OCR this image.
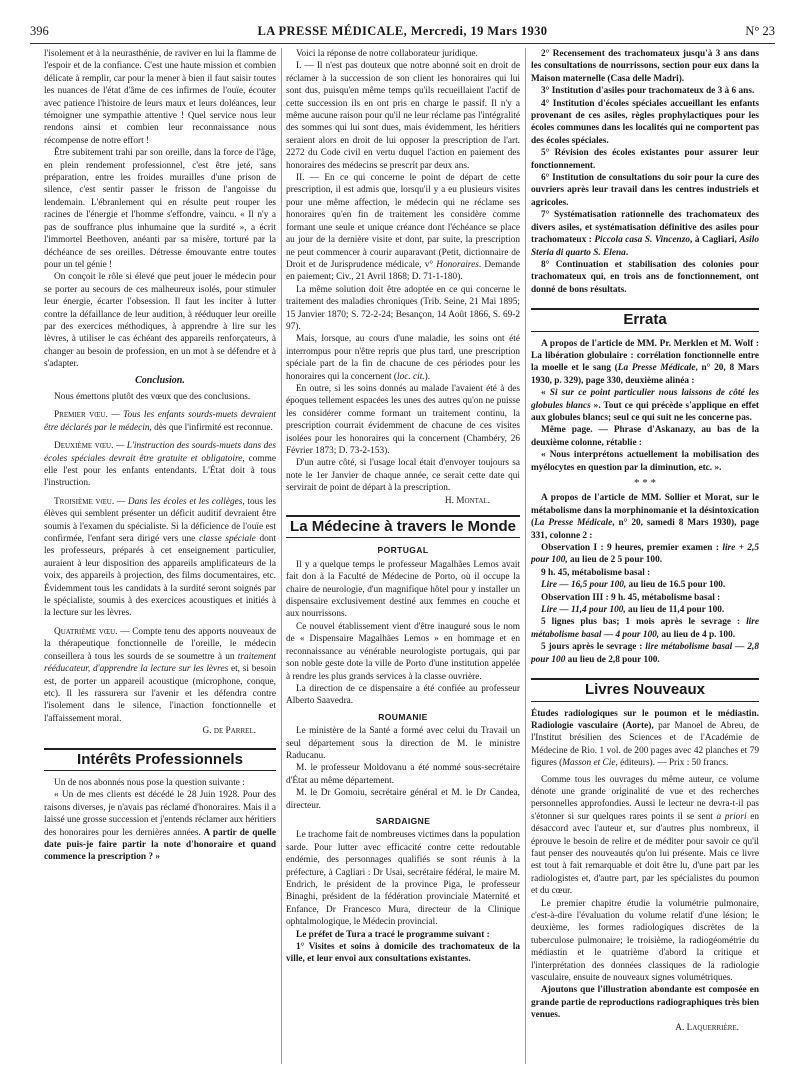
396	LA PRESSE MÉDICALE, Mercredi, 19 Mars 1930	N° 23

l'isolement et à la neurasthénie, de raviver en lui la flamme de l'espoir et de la confiance. C'est une haute mission et combien délicate à remplir, car pour la mener à bien il faut saisir toutes les nuances de l'état d'âme de ces infirmes de l'ouïe, écouter avec patience l'histoire de leurs maux et leurs doléances, leur témoigner une sympathie attentive ! Quel service nous leur rendons ainsi et combien leur reconnaissance nous récompense de notre effort !

Être subitement trahi par son oreille, dans la force de l'âge, en plein rendement professionnel, c'est être jeté, sans préparation, entre les froides murailles d'une prison de silence, c'est sentir passer le frisson de l'angoisse du lendemain. L'ébranlement qui en résulte peut rouper les racines de l'énergie et l'homme s'effondre, vaincu. « Il n'y a pas de souffrance plus inhumaine que la surdité », a écrit l'immortel Beethoven, anéanti par sa misère, torturé par la déchéance de ses oreilles. Détresse émouvante entre toutes pour un tel génie !

On conçoit le rôle si élevé que peut jouer le médecin pour se porter au secours de ces malheureux isolés, pour stimuler leur énergie, écarter l'obsession. Il faut les inciter à lutter contre la défaillance de leur audition, à rééduquer leur oreille par des exercices méthodiques, à apprendre à lire sur les lèvres, à utiliser le cas échéant des appareils renforçateurs, à changer au besoin de profession, en un mot à se défendre et à s'adapter.

Conclusion.

Nous émettons plutôt des vœux que des conclusions.

Premier vœu. — Tous les enfants sourds-muets devraient être déclarés par le médecin, dès que l'infirmité est reconnue.

Deuxième vœu. — L'instruction des sourds-muets dans des écoles spéciales devrait être gratuite et obligatoire, comme elle l'est pour les enfants entendants. L'État doit à tous l'instruction.

Troisième vœu. — Dans les écoles et les collèges, tous les élèves qui semblent présenter un déficit auditif devraient être soumis à l'examen du spécialiste. Si la déficience de l'ouïe est confirmée, l'enfant sera dirigé vers une classe spéciale dont les professeurs, préparés à cet enseignement particulier, auraient à leur disposition des appareils amplificateurs de la voix, des appareils à projection, des films documentaires, etc. Évidemment tous les candidats à la surdité seront soignés par le spécialiste, soumis à des exercices acoustiques et initiés à la lecture sur les lèvres.

Quatrième vœu. — Compte tenu des apports nouveaux de la thérapeutique fonctionnelle de l'oreille, le médecin conseillera à tous les sourds de se soumettre à un traitement rééducateur, d'apprendre la lecture sur les lèvres et, si besoin est, de porter un appareil acoustique (microphone, conque, etc). Il les rassurera sur l'avenir et les défendra contre l'isolement dans le silence, l'inaction fonctionnelle et l'affaissement moral.

G. de Parrel.

Intérêts Professionnels

Un de nos abonnés nous pose la question suivante :

« Un de mes clients est décédé le 28 Juin 1928. Pour des raisons diverses, je n'avais pas réclamé d'honoraires. Mais il a laissé une grosse succession et j'entends réclamer aux héritiers des honoraires pour les dernières années. A partir de quelle date puis-je faire partir la note d'honoraire et quand commence la prescription ? »

Voici la réponse de notre collaborateur juridique.

I. — Il n'est pas douteux que notre abonné soit en droit de réclamer à la succession de son client les honoraires qui lui sont dus, puisqu'en même temps qu'ils recueillaient l'actif de cette succession ils en ont pris en charge le passif. Il n'y a même aucune raison pour qu'il ne leur réclame pas l'intégralité des sommes qui lui sont dues, mais évidemment, les héritiers seraient alors en droit de lui opposer la prescription de l'art. 2272 du Code civil en vertu duquel l'action en paiement des honoraires des médecins se prescrit par deux ans.

II. — En ce qui concerne le point de départ de cette prescription, il est admis que, lorsqu'il y a eu plusieurs visites pour une même affection, le médecin qui ne réclame ses honoraires qu'en fin de traitement les considère comme formant une seule et unique créance dont l'échéance se place au jour de la dernière visite et dont, par suite, la prescription ne peut commencer à courir auparavant (Petit, dictionnaire de Droit et de Jurisprudence médicale, v° Honoraires. Demande en paiement; Civ., 21 Avril 1868; D. 71-1-180).

La même solution doit être adoptée en ce qui concerne le traitement des maladies chroniques (Trib. Seine, 21 Mai 1895; 15 Janvier 1870; S. 72-2-24; Besançon, 14 Août 1866, S. 69-2 97).

Mais, lorsque, au cours d'une maladie, les soins ont été interrompus pour n'être repris que plus tard, une prescription spéciale part de la fin de chacune de ces périodes pour les honoraires qui la concernent (loc. cit.).

En outre, si les soins donnés au malade l'avaient été à des époques tellement espacées les unes des autres qu'on ne puisse les considérer comme formant un traitement continu, la prescription courrait évidemment de chacune de ces visites isolées pour les honoraires qui la concernent (Chambéry, 26 Février 1873; D. 73-2-153).

D'un autre côté, si l'usage local était d'envoyer toujours sa note le 1er Janvier de chaque année, ce serait cette date qui servirait de point de départ à la prescription.

H. Montal.

La Médecine à travers le Monde
PORTUGAL

Il y a quelque temps le professeur Magalhães Lemos avait fait don à la Faculté de Médecine de Porto, où il occupe la chaire de neurologie, d'un magnifique hôtel pour y installer un dispensaire exclusivement destiné aux femmes en couche et aux nourrissons.

Ce nouvel établissement vient d'être inauguré sous le nom de « Dispensaire Magalhães Lemos » en hommage et en reconnaissance au vénérable neurologiste portugais, qui par son noble geste dote la ville de Porto d'une institution appelée à rendre les plus grands services à la classe ouvrière.

La direction de ce dispensaire a été confiée au professeur Alberto Saavedra.

ROUMANIE

Le ministère de la Santé a formé avec celui du Travail un seul département sous la direction de M. le ministre Raducanu.

M. le professeur Moldovanu a été nommé sous-secrétaire d'État au même département.

M. le Dr Gomoiu, secrétaire général et M. le Dr Candea, directeur.

SARDAIGNE

Le trachome fait de nombreuses victimes dans la population sarde. Pour lutter avec efficacité contre cette redoutable endémie, des personnages qualifiés se sont réunis à la préfecture, à Cagliari : Dr Usai, secrétaire fédéral, le maire M. Endrich, le président de la province Piga, le professeur Binaghi, président de la fédération provinciale Maternité et Enfance, Dr Francesco Mura, directeur de la Clinique ophtalmologique, le Médecin provincial.

Le préfet de Tura a tracé le programme suivant :

1° Visites et soins à domicile des trachomateux de la ville, et leur envoi aux consultations existantes.

2° Recensement des trachomateux jusqu'à 3 ans dans les consultations de nourrissons, section pour eux dans la Maison maternelle (Casa delle Madri).

3° Institution d'asiles pour trachomateux de 3 à 6 ans.

4° Institution d'écoles spéciales accueillant les enfants provenant de ces asiles, règles prophylactiques pour les écoles communes dans les localités qui ne comportent pas des écoles spéciales.

5° Révision des écoles existantes pour assurer leur fonctionnement.

6° Institution de consultations du soir pour la cure des ouvriers après leur travail dans les centres industriels et agricoles.

7° Systématisation rationnelle des trachomateux des divers asiles, et systématisation définitive des asiles pour trachomateux : Piccola casa S. Vincenzo, à Cagliari, Asilo Steria di quarto S. Elena.

8° Continuation et stabilisation des colonies pour trachomateux qui, en trois ans de fonctionnement, ont donné de bons résultats.

Errata

A propos de l'article de MM. Pr. Merklen et M. Wolf : La libération globulaire : corrélation fonctionnelle entre la moelle et le sang (La Presse Médicale, n° 20, 8 Mars 1930, p. 329), page 330, deuxième alinéa :

« Si sur ce point particulier nous laissons de côté les globules blancs ». Tout ce qui précède s'applique en effet aux globules blancs; seul ce qui suit ne les concerne pas.

Même page. — Phrase d'Askanazy, au bas de la deuxième colonne, rétablie :

« Nous interprétons actuellement la mobilisation des myélocytes en question par la diminution, etc. ».

* * *

A propos de l'article de MM. Sollier et Morat, sur le métabolisme dans la morphinomanie et la désintoxication (La Presse Médicale, n° 20, samedi 8 Mars 1930), page 331, colonne 2 :

Observation I : 9 heures, premier examen : lire + 2,5 pour 100, au lieu de 2 5 pour 100.

9 h. 45, métabolisme basal :

Lire — 16,5 pour 100, au lieu de 16.5 pour 100.

Observation III : 9 h. 45, métabolisme basal :

Lire — 11,4 pour 100, au lieu de 11,4 pour 100.

5 lignes plus bas; 1 mois après le sevrage : lire métabolisme basal — 4 pour 100, au lieu de 4 p. 100.

5 jours après le sevrage : lire métabolisme basal — 2,8 pour 100 au lieu de 2,8 pour 100.

Livres Nouveaux

Études radiologiques sur le poumon et le médiastin. Radiologie vasculaire (Aorte), par Manoel de Abreu, de l'Institut brésilien des Sciences et de l'Académie de Médecine de Rio. 1 vol. de 200 pages avec 42 planches et 79 figures (Masson et Cie, éditeurs). — Prix : 50 francs.

Comme tous les ouvrages du même auteur, ce volume dénote une grande originalité de vue et des recherches personnelles approfondies. Aussi le lecteur ne devra-t-il pas s'étonner si sur quelques rares points il se sent a priori en désaccord avec l'auteur et, sur d'autres plus nombreux, il éprouve le besoin de relire et de méditer pour savoir ce qu'il faut penser des nouveautés qu'on lui présente. Mais ce livre est tout à fait remarquable et doit être lu, d'une part par les radiologistes et, d'autre part, par les spécialistes du poumon et du cœur.

Le premier chapitre étudie la volumétrie pulmonaire, c'est-à-dire l'évaluation du volume relatif d'une lésion; le deuxième, les formes radiologiques discrètes de la tuberculose pulmonaire; le troisième, la radiogéométrie du médiastin et le quatrième d'abord la critique et l'interprétation des données classiques de la radiologie vasculaire, ensuite de nouveaux signes volumétriques.

Ajoutons que l'illustration abondante est composée en grande partie de reproductions radiographiques très bien venues.

A. Laquerrière.
